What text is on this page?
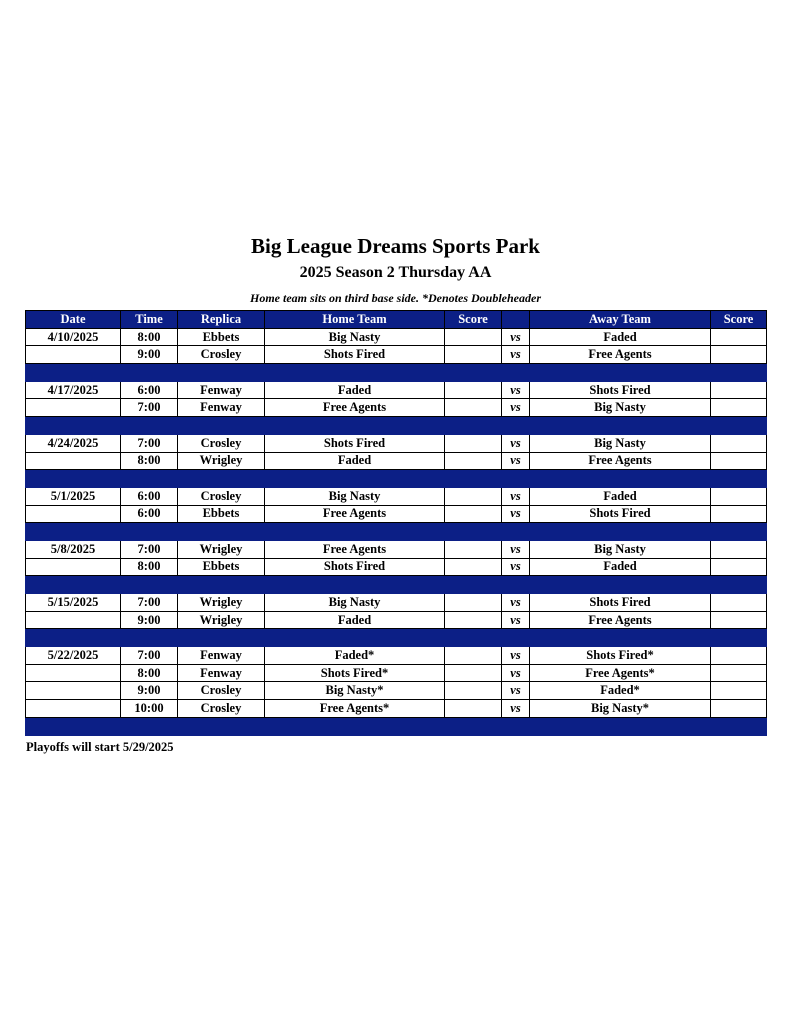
Big League Dreams Sports Park
2025 Season 2 Thursday AA
Home team sits on third base side. *Denotes Doubleheader
Date	Time	Replica	Home Team	Score		Away Team	Score
4/10/2025	8:00	Ebbets	Big Nasty		vs	Faded	
	9:00	Crosley	Shots Fired		vs	Free Agents	

4/17/2025	6:00	Fenway	Faded		vs	Shots Fired	
	7:00	Fenway	Free Agents		vs	Big Nasty	

4/24/2025	7:00	Crosley	Shots Fired		vs	Big Nasty	
	8:00	Wrigley	Faded		vs	Free Agents	

5/1/2025	6:00	Crosley	Big Nasty		vs	Faded	
	6:00	Ebbets	Free Agents		vs	Shots Fired	

5/8/2025	7:00	Wrigley	Free Agents		vs	Big Nasty	
	8:00	Ebbets	Shots Fired		vs	Faded	

5/15/2025	7:00	Wrigley	Big Nasty		vs	Shots Fired	
	9:00	Wrigley	Faded		vs	Free Agents	

5/22/2025	7:00	Fenway	Faded*		vs	Shots Fired*	
	8:00	Fenway	Shots Fired*		vs	Free Agents*	
	9:00	Crosley	Big Nasty*		vs	Faded*	
	10:00	Crosley	Free Agents*		vs	Big Nasty*	

Playoffs will start 5/29/2025
